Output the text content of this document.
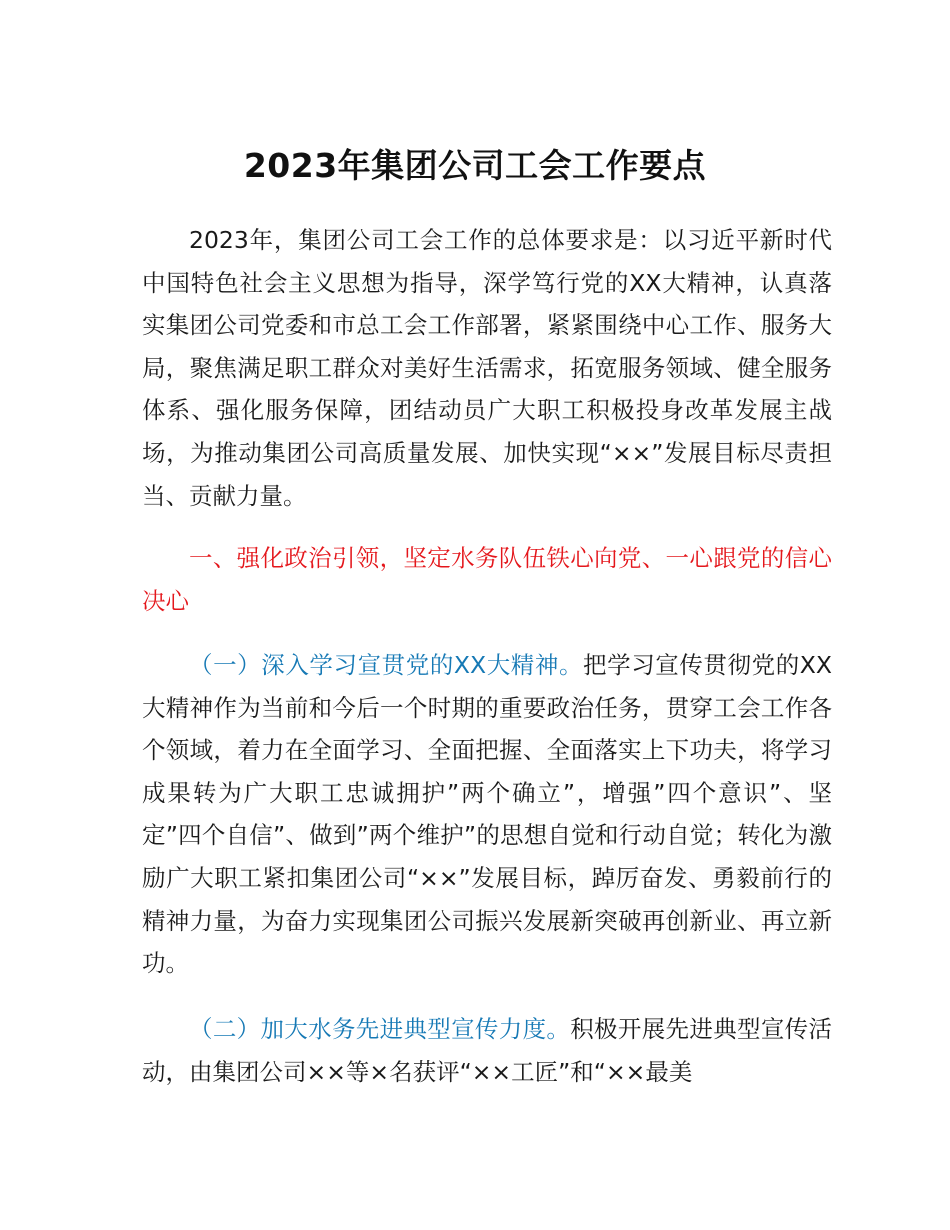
2023年集团公司工会工作要点

2023年，集团公司工会工作的总体要求是：以习近平新时代中国特色社会主义思想为指导，深学笃行党的XX大精神，认真落实集团公司党委和市总工会工作部署，紧紧围绕中心工作、服务大局，聚焦满足职工群众对美好生活需求，拓宽服务领域、健全服务体系、强化服务保障，团结动员广大职工积极投身改革发展主战场，为推动集团公司高质量发展、加快实现“××”发展目标尽责担当、贡献力量。

一、强化政治引领，坚定水务队伍铁心向党、一心跟党的信心决心

（一）深入学习宣贯党的XX大精神。把学习宣传贯彻党的XX大精神作为当前和今后一个时期的重要政治任务，贯穿工会工作各个领域，着力在全面学习、全面把握、全面落实上下功夫，将学习成果转为广大职工忠诚拥护”两个确立”，增强”四个意识”、坚定”四个自信”、做到”两个维护”的思想自觉和行动自觉；转化为激励广大职工紧扣集团公司“××”发展目标，踔厉奋发、勇毅前行的精神力量，为奋力实现集团公司振兴发展新突破再创新业、再立新功。

（二）加大水务先进典型宣传力度。积极开展先进典型宣传活动，由集团公司××等×名获评“××工匠”和“××最美
